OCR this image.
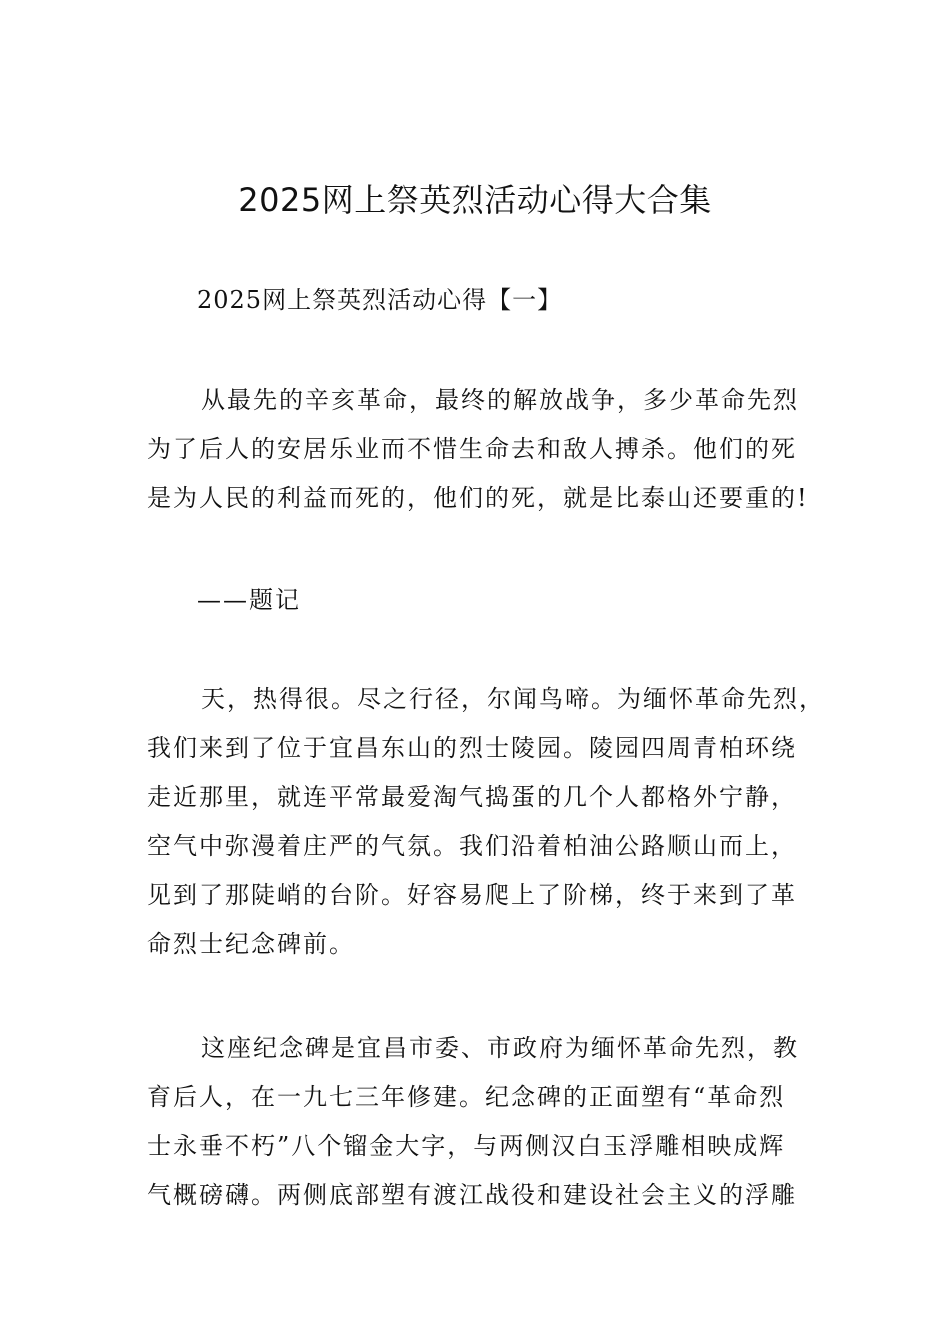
2025网上祭英烈活动心得大合集
2025网上祭英烈活动心得【一】
　从最先的辛亥革命，最终的解放战争，多少革命先烈
为了后人的安居乐业而不惜生命去和敌人搏杀。他们的死
是为人民的利益而死的，他们的死，就是比泰山还要重的!
——题记
　天，热得很。尽之行径，尔闻鸟啼。为缅怀革命先烈，
我们来到了位于宜昌东山的烈士陵园。陵园四周青柏环绕
走近那里，就连平常最爱淘气捣蛋的几个人都格外宁静，
空气中弥漫着庄严的气氛。我们沿着柏油公路顺山而上，
见到了那陡峭的台阶。好容易爬上了阶梯，终于来到了革
命烈士纪念碑前。
　这座纪念碑是宜昌市委、市政府为缅怀革命先烈，教
育后人，在一九七三年修建。纪念碑的正面塑有“革命烈
士永垂不朽”八个镏金大字，与两侧汉白玉浮雕相映成辉
气概磅礴。两侧底部塑有渡江战役和建设社会主义的浮雕
